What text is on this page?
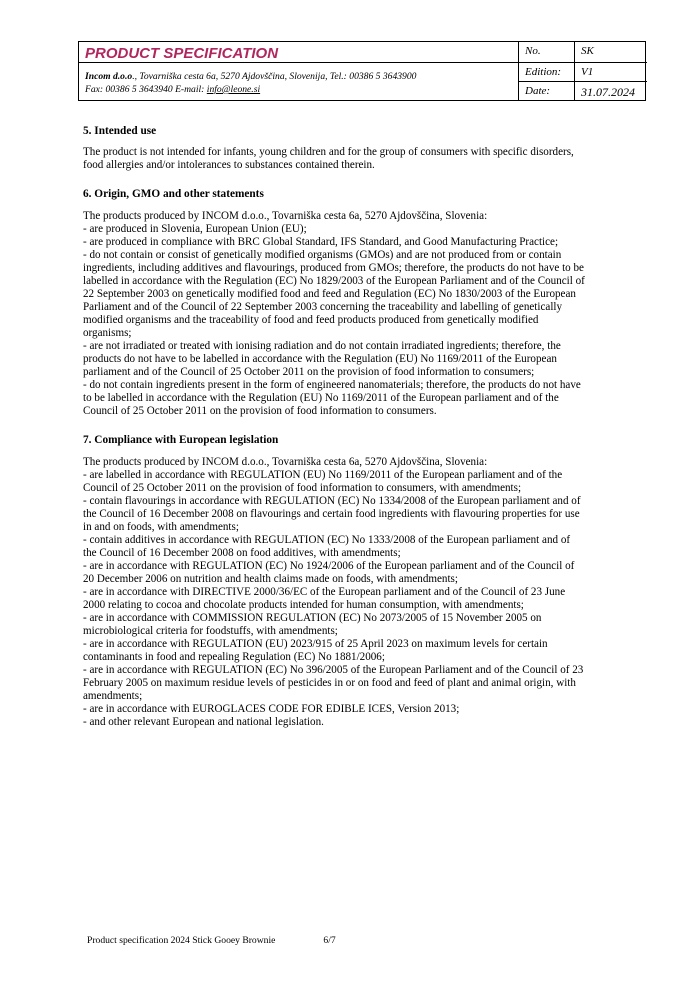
PRODUCT SPECIFICATION
Incom d.o.o., Tovarniška cesta 6a, 5270 Ajdovščina, Slovenija, Tel.: 00386 5 3643900
Fax: 00386 5 3643940 E-mail: info@leone.si
No.	SK
Edition: V1
Date:	31.07.2024

5. Intended use

The product is not intended for infants, young children and for the group of consumers with specific disorders,
food allergies and/or intolerances to substances contained therein.

6. Origin, GMO and other statements

The products produced by INCOM d.o.o., Tovarniška cesta 6a, 5270 Ajdovščina, Slovenia:
- are produced in Slovenia, European Union (EU);
- are produced in compliance with BRC Global Standard, IFS Standard, and Good Manufacturing Practice;
- do not contain or consist of genetically modified organisms (GMOs) and are not produced from or contain
ingredients, including additives and flavourings, produced from GMOs; therefore, the products do not have to be
labelled in accordance with the Regulation (EC) No 1829/2003 of the European Parliament and of the Council of
22 September 2003 on genetically modified food and feed and Regulation (EC) No 1830/2003 of the European
Parliament and of the Council of 22 September 2003 concerning the traceability and labelling of genetically
modified organisms and the traceability of food and feed products produced from genetically modified
organisms;
- are not irradiated or treated with ionising radiation and do not contain irradiated ingredients; therefore, the
products do not have to be labelled in accordance with the Regulation (EU) No 1169/2011 of the European
parliament and of the Council of 25 October 2011 on the provision of food information to consumers;
- do not contain ingredients present in the form of engineered nanomaterials; therefore, the products do not have
to be labelled in accordance with the Regulation (EU) No 1169/2011 of the European parliament and of the
Council of 25 October 2011 on the provision of food information to consumers.

7. Compliance with European legislation

The products produced by INCOM d.o.o., Tovarniška cesta 6a, 5270 Ajdovščina, Slovenia:
- are labelled in accordance with REGULATION (EU) No 1169/2011 of the European parliament and of the
Council of 25 October 2011 on the provision of food information to consumers, with amendments;
- contain flavourings in accordance with REGULATION (EC) No 1334/2008 of the European parliament and of
the Council of 16 December 2008 on flavourings and certain food ingredients with flavouring properties for use
in and on foods, with amendments;
- contain additives in accordance with REGULATION (EC) No 1333/2008 of the European parliament and of
the Council of 16 December 2008 on food additives, with amendments;
- are in accordance with REGULATION (EC) No 1924/2006 of the European parliament and of the Council of
20 December 2006 on nutrition and health claims made on foods, with amendments;
- are in accordance with DIRECTIVE 2000/36/EC of the European parliament and of the Council of 23 June
2000 relating to cocoa and chocolate products intended for human consumption, with amendments;
- are in accordance with COMMISSION REGULATION (EC) No 2073/2005 of 15 November 2005 on
microbiological criteria for foodstuffs, with amendments;
- are in accordance with REGULATION (EU) 2023/915 of 25 April 2023 on maximum levels for certain
contaminants in food and repealing Regulation (EC) No 1881/2006;
- are in accordance with REGULATION (EC) No 396/2005 of the European Parliament and of the Council of 23
February 2005 on maximum residue levels of pesticides in or on food and feed of plant and animal origin, with
amendments;
- are in accordance with EUROGLACES CODE FOR EDIBLE ICES, Version 2013;
- and other relevant European and national legislation.

Product specification 2024 Stick Gooey Brownie	6/7
